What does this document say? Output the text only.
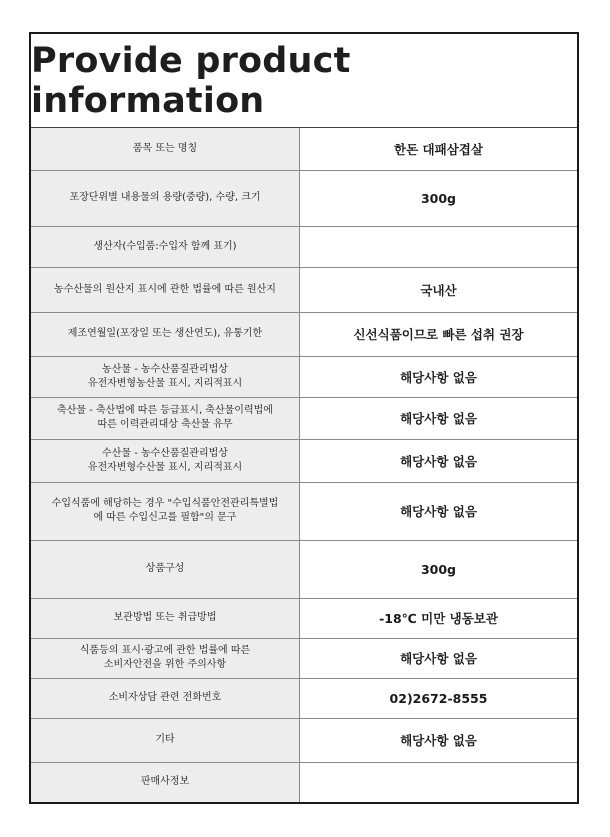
Provide product information
품목 또는 명칭	한돈 대패삼겹살
포장단위별 내용물의 용량(중량), 수량, 크기	300g
생산자(수입품:수입자 함께 표기)	
농수산물의 원산지 표시에 관한 법률에 따른 원산지	국내산
제조연월일(포장일 또는 생산연도), 유통기한	신선식품이므로 빠른 섭취 권장
농산물 - 농수산품질관리법상
유전자변형농산물 표시, 지리적표시	해당사항 없음
축산물 - 축산법에 따른 등급표시, 축산물이력법에
따른 이력관리대상 축산물 유무	해당사항 없음
수산물 - 농수산품질관리법상
유전자변형수산물 표시, 지리적표시	해당사항 없음
수입식품에 해당하는 경우 "수입식품안전관리특별법
에 따른 수입신고를 필함"의 문구	해당사항 없음
상품구성	300g
보관방법 또는 취급방법	-18℃ 미만 냉동보관
식품등의 표시·광고에 관한 법률에 따른
소비자안전을 위한 주의사항	해당사항 없음
소비자상담 관련 전화번호	02)2672-8555
기타	해당사항 없음
판매사정보	
